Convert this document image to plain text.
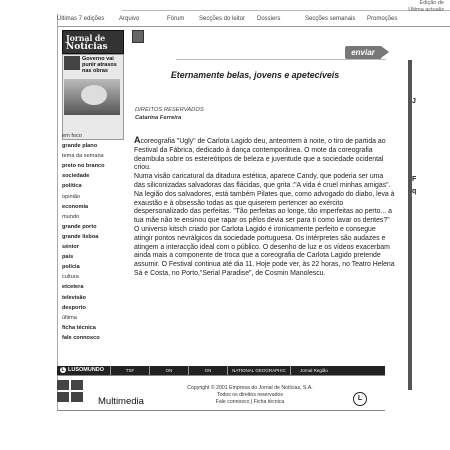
Edição de
Última actualiz
Últimas 7 edições	Arquivo	Fórum	Secções do leitor	Dossiers	Secções semanais	Promoções
Jornal de
Notícias
Governo vai punir atrasos nas obras
enviar
Eternamente belas, jovens e apetecíveis
DIREITOS RESERVADOS
Catarina Ferreira

Acoreografia "Ugly" de Carlota Lagido deu, anteontem à noite, o tiro de partida ao Festival da Fábrica, dedicado à dança contemporânea. O mote da coreografia deambula sobre os estereótipos de beleza e juventude que a sociedade ocidental criou.

Numa visão caricatural da ditadura estética, aparece Candy, que poderia ser uma das siliconizadas salvadoras das flácidas, que grita :"A vida é cruel minhas amigas". Na legião dos salvadores, está também Pilates que, como advogado do diabo, leva à exaustão e à obsessão todas as que quiserem pertencer ao exército despersonalizado das perfeitas. "Tão perfeitas ao longe, tão imperfeitas ao perto... a tua mãe não te ensinou que rapar os pêlos devia ser para ti como lavar os dentes?"

O universo kitsch criado por Carlota Lagido é ironicamente perfeito e consegue atingir pontos nevrálgicos da sociedade portuguesa. Os intérpretes são audazes e atingem a interacção ideal com o público. O desenho de luz e os vídeos exacerbam ainda mais a componente de troca que a coreografia de Carlota Lagido pretende assumir. O Festival continua até dia 11. Hoje pode ver, às 22 horas, no Teatro Helena Sá e Costa, no Porto,"Serial Paradise", de Cosmin Manolescu.

em foco
grande plano
tema da semana
preto no branco
sociedade
política
opinião
economia
mundo
grande porto
grande lisboa
sénior
país
polícia
cultura
etcetera
televisão
desporto
última
ficha técnica
fale connosco
J
F
q
L LUSOMUNDO	TSF	ON	ON	NATIONAL GEOGRAPHIC	Jornal Região
Multimedia
Copyright © 2001 Empresa do Jornal de Notícias, S.A.
Todos os direitos reservados
Fale connosco | Ficha técnica	L
